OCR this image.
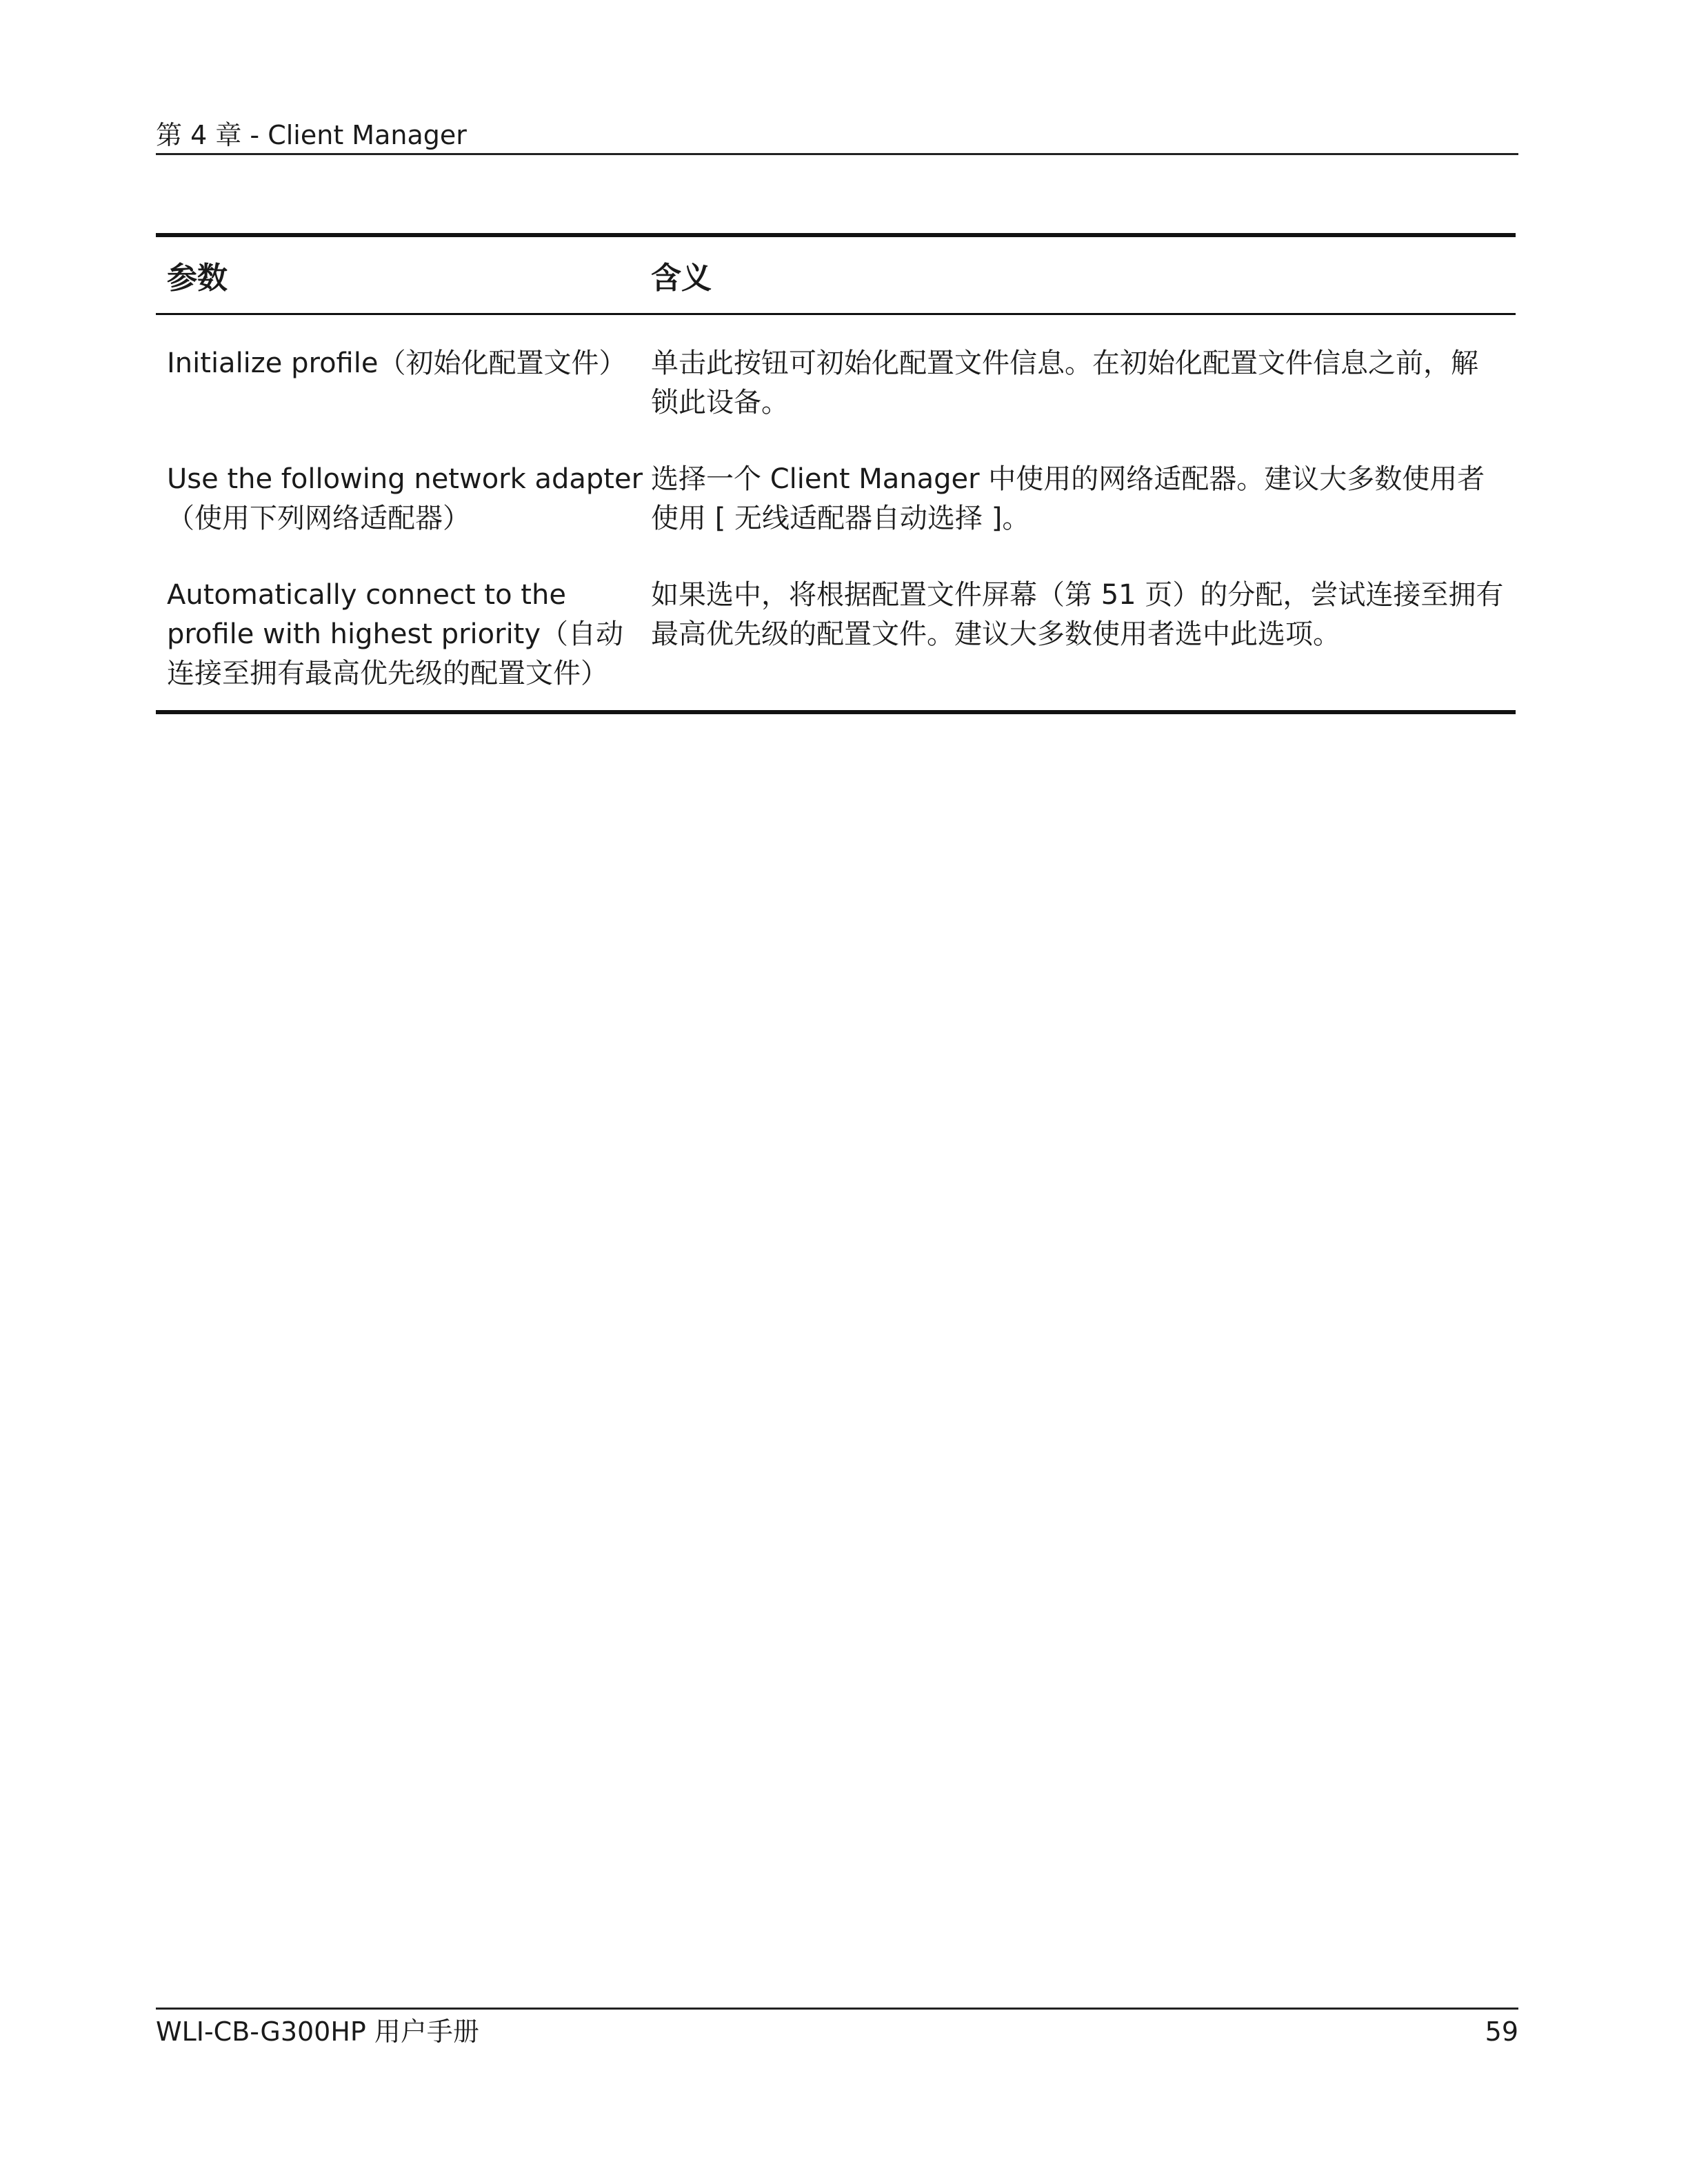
第 4 章 - Client Manager
参数	含义
Initialize profile（初始化配置文件） 单击此按钮可初始化配置文件信息。在初始化配置文件信息之前，解锁此设备。
Use the following network adapter（使用下列网络适配器）
选择一个 Client Manager 中使用的网络适配器。建议大多数使用者使用 [ 无线适配器自动选择 ]。
Automatically connect to the profile with highest priority（自动连接至拥有最高优先级的配置文件）
如果选中，将根据配置文件屏幕（第 51 页）的分配，尝试连接至拥有最高优先级的配置文件。建议大多数使用者选中此选项。
WLI-CB-G300HP 用户手册	59
